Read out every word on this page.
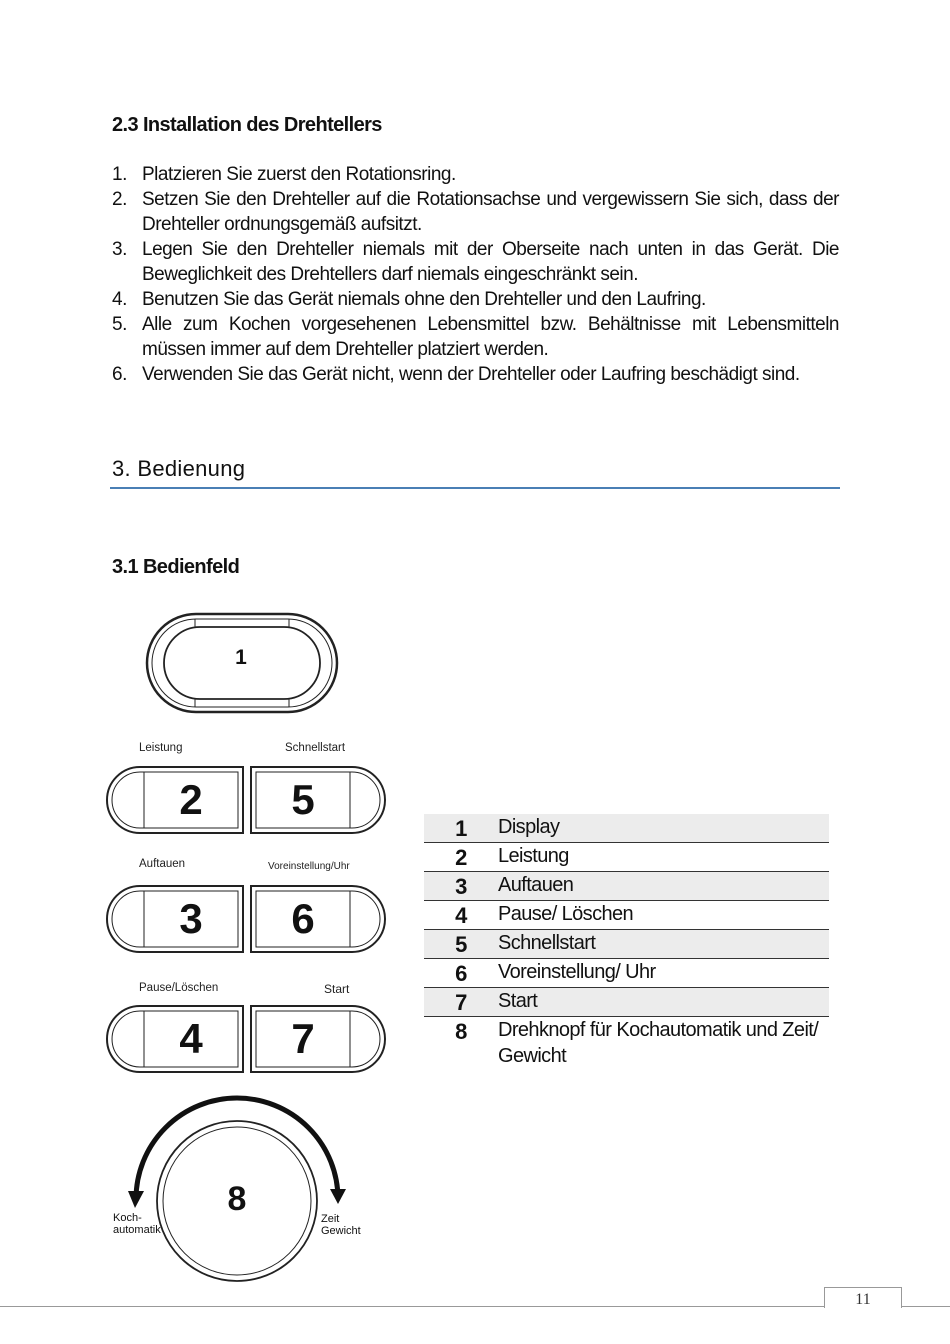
2.3 Installation des Drehtellers
1. Platzieren Sie zuerst den Rotationsring.
2. Setzen Sie den Drehteller auf die Rotationsachse und vergewissern Sie sich, dass der Drehteller ordnungsgemäß aufsitzt.
3. Legen Sie den Drehteller niemals mit der Oberseite nach unten in das Gerät. Die Beweglichkeit des Drehtellers darf niemals eingeschränkt sein.
4. Benutzen Sie das Gerät niemals ohne den Drehteller und den Laufring.
5. Alle zum Kochen vorgesehenen Lebensmittel bzw. Behältnisse mit Lebensmitteln müssen immer auf dem Drehteller platziert werden.
6. Verwenden Sie das Gerät nicht, wenn der Drehteller oder Laufring beschädigt sind.
3. Bedienung
3.1 Bedienfeld
1
Leistung	Schnellstart
2	5
Auftauen	Voreinstellung/Uhr
3	6
Pause/Löschen	Start
4	7
8
Koch-
automatik
Zeit
Gewicht
1	Display
2	Leistung
3	Auftauen
4	Pause/ Löschen
5	Schnellstart
6	Voreinstellung/ Uhr
7	Start
8	Drehknopf für Kochautomatik und Zeit/ Gewicht
11
